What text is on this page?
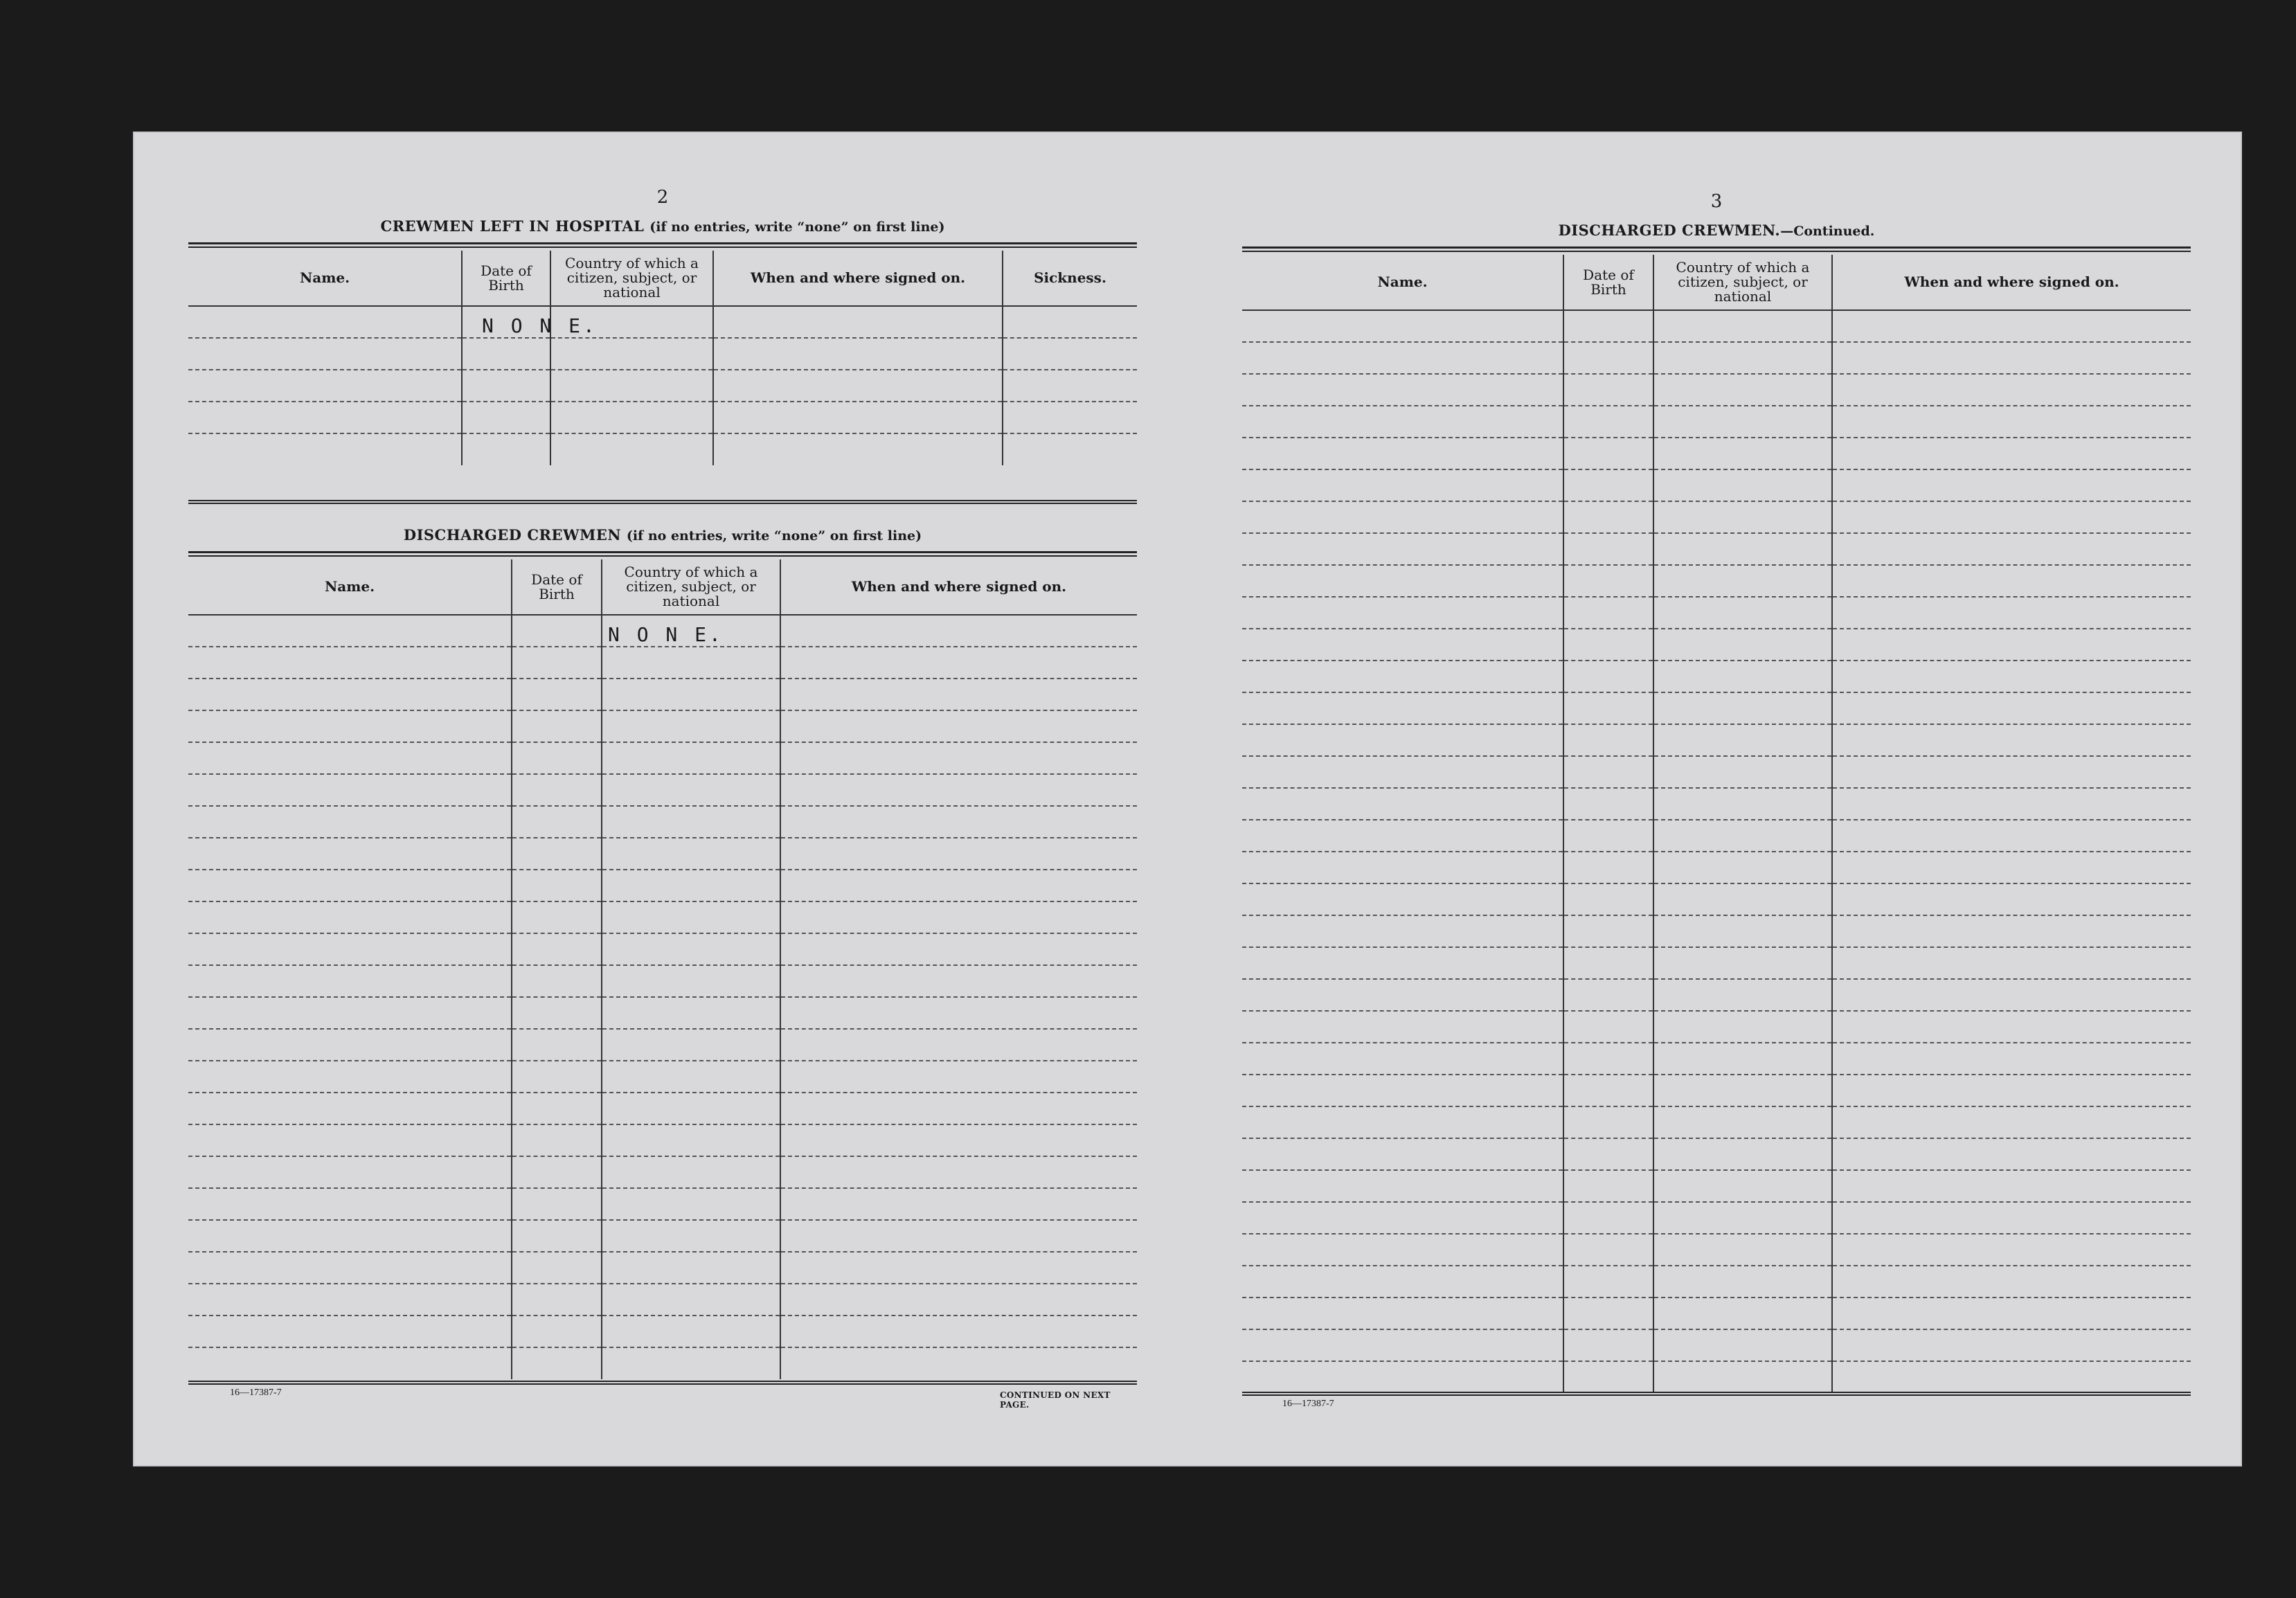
2
CREWMEN LEFT IN HOSPITAL (if no entries, write “none” on first line)
Name.	Date of Birth	Country of which a citizen, subject, or national	When and where signed on.	Sickness.
	N O N E.			

DISCHARGED CREWMEN (if no entries, write “none” on first line)
Name.	Date of Birth	Country of which a citizen, subject, or national	When and where signed on.
		N O N E.	

16—17387-7	CONTINUED ON NEXT PAGE.
3
DISCHARGED CREWMEN.—Continued.
Name.	Date of Birth	Country of which a citizen, subject, or national	When and where signed on.

16—17387-7
